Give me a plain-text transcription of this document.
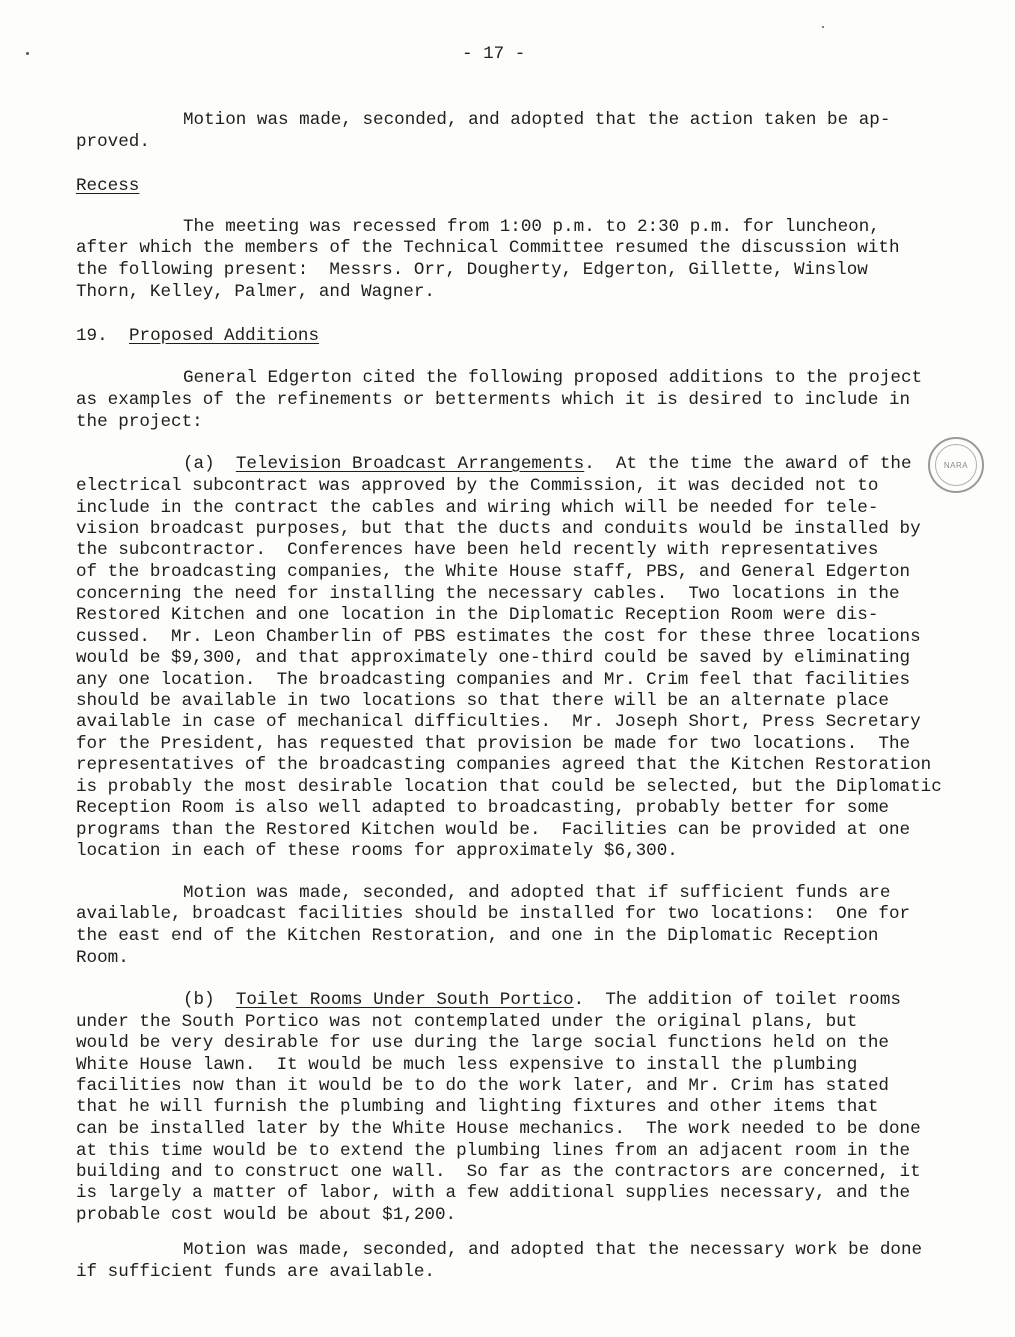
- 17 -
Motion was made, seconded, and adopted that the action taken be ap-
proved.
Recess
The meeting was recessed from 1:00 p.m. to 2:30 p.m. for luncheon,
after which the members of the Technical Committee resumed the discussion with
the following present:  Messrs. Orr, Dougherty, Edgerton, Gillette, Winslow
Thorn, Kelley, Palmer, and Wagner.
19. Proposed Additions
General Edgerton cited the following proposed additions to the project
as examples of the refinements or betterments which it is desired to include in
the project:
(a) Television Broadcast Arrangements.  At the time the award of the
electrical subcontract was approved by the Commission, it was decided not to
include in the contract the cables and wiring which will be needed for tele-
vision broadcast purposes, but that the ducts and conduits would be installed by
the subcontractor.  Conferences have been held recently with representatives
of the broadcasting companies, the White House staff, PBS, and General Edgerton
concerning the need for installing the necessary cables.  Two locations in the
Restored Kitchen and one location in the Diplomatic Reception Room were dis-
cussed.  Mr. Leon Chamberlin of PBS estimates the cost for these three locations
would be $9,300, and that approximately one-third could be saved by eliminating
any one location.  The broadcasting companies and Mr. Crim feel that facilities
should be available in two locations so that there will be an alternate place
available in case of mechanical difficulties.  Mr. Joseph Short, Press Secretary
for the President, has requested that provision be made for two locations.  The
representatives of the broadcasting companies agreed that the Kitchen Restoration
is probably the most desirable location that could be selected, but the Diplomatic
Reception Room is also well adapted to broadcasting, probably better for some
programs than the Restored Kitchen would be.  Facilities can be provided at one
location in each of these rooms for approximately $6,300.
Motion was made, seconded, and adopted that if sufficient funds are
available, broadcast facilities should be installed for two locations:  One for
the east end of the Kitchen Restoration, and one in the Diplomatic Reception
Room.
(b) Toilet Rooms Under South Portico.  The addition of toilet rooms
under the South Portico was not contemplated under the original plans, but
would be very desirable for use during the large social functions held on the
White House lawn.  It would be much less expensive to install the plumbing
facilities now than it would be to do the work later, and Mr. Crim has stated
that he will furnish the plumbing and lighting fixtures and other items that
can be installed later by the White House mechanics.  The work needed to be done
at this time would be to extend the plumbing lines from an adjacent room in the
building and to construct one wall.  So far as the contractors are concerned, it
is largely a matter of labor, with a few additional supplies necessary, and the
probable cost would be about $1,200.
Motion was made, seconded, and adopted that the necessary work be done
if sufficient funds are available.
NARA
